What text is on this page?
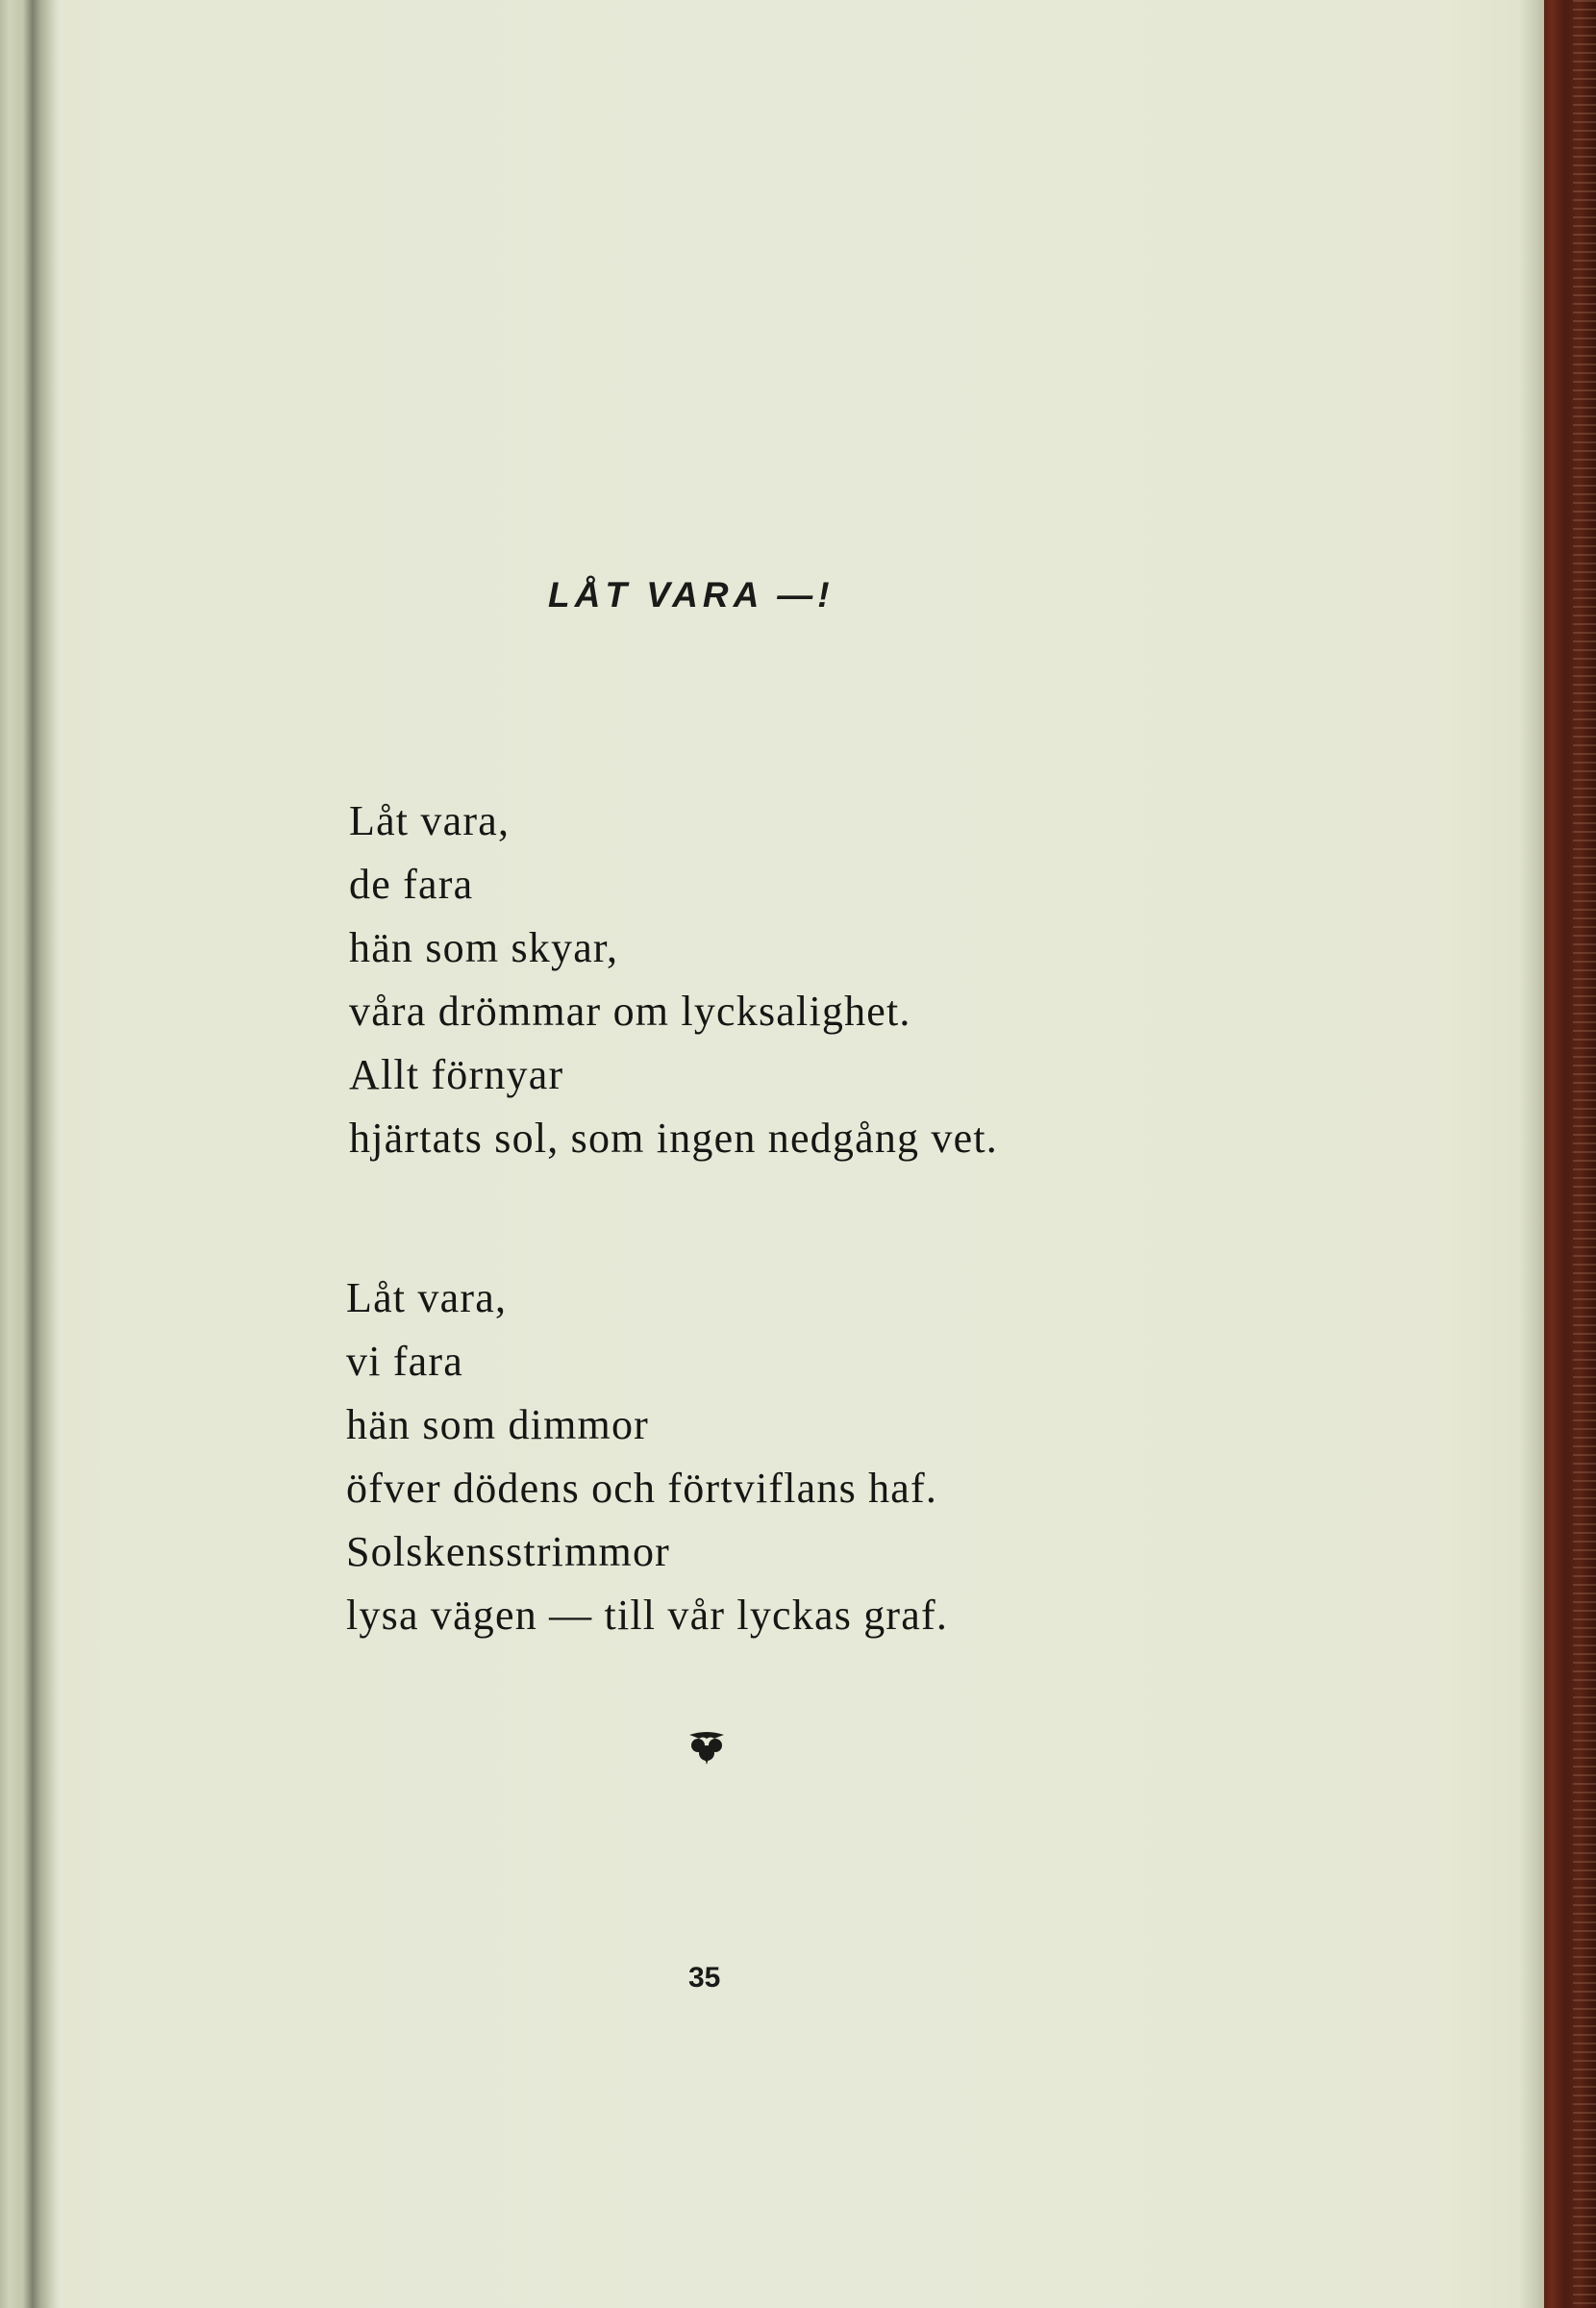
LÅT VARA —!
Låt vara,
de fara
hän som skyar,
våra drömmar om lycksalighet.
Allt förnyar
hjärtats sol, som ingen nedgång vet.
Låt vara,
vi fara
hän som dimmor
öfver dödens och förtviflans haf.
Solskensstrimmor
lysa vägen — till vår lyckas graf.
35
